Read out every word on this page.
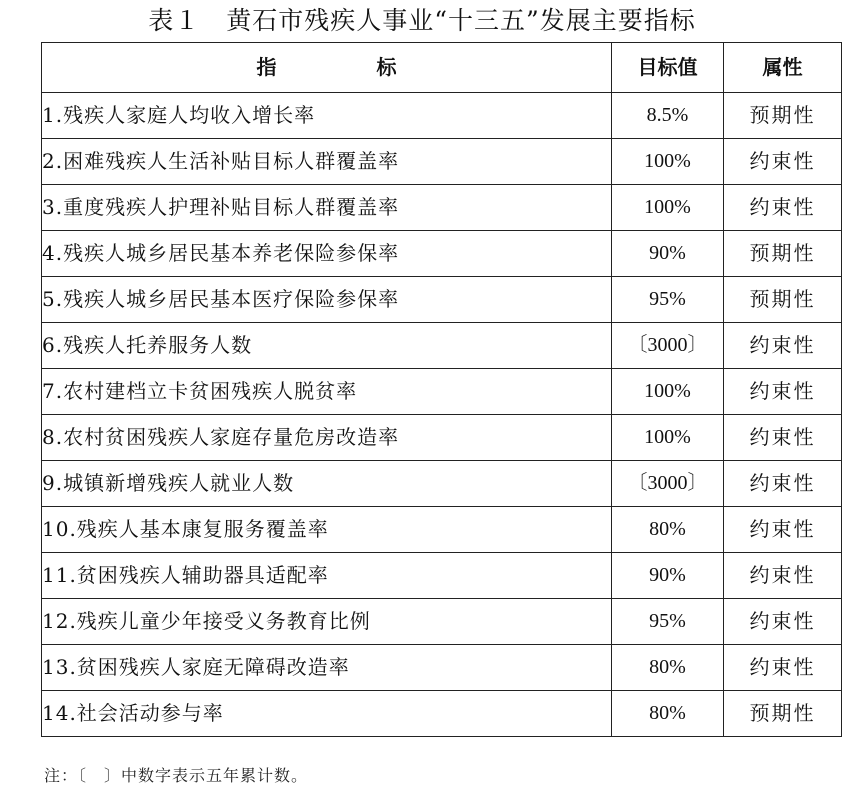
表１　黄石市残疾人事业“十三五”发展主要指标
指 标	目标值	属性
1.残疾人家庭人均收入增长率	8.5%	预期性
2.困难残疾人生活补贴目标人群覆盖率	100%	约束性
3.重度残疾人护理补贴目标人群覆盖率	100%	约束性
4.残疾人城乡居民基本养老保险参保率	90%	预期性
5.残疾人城乡居民基本医疗保险参保率	95%	预期性
6.残疾人托养服务人数	〔3000〕	约束性
7.农村建档立卡贫困残疾人脱贫率	100%	约束性
8.农村贫困残疾人家庭存量危房改造率	100%	约束性
9.城镇新增残疾人就业人数	〔3000〕	约束性
10.残疾人基本康复服务覆盖率	80%	约束性
11.贫困残疾人辅助器具适配率	90%	约束性
12.残疾儿童少年接受义务教育比例	95%	约束性
13.贫困残疾人家庭无障碍改造率	80%	约束性
14.社会活动参与率	80%	预期性
注：〔　〕中数字表示五年累计数。
